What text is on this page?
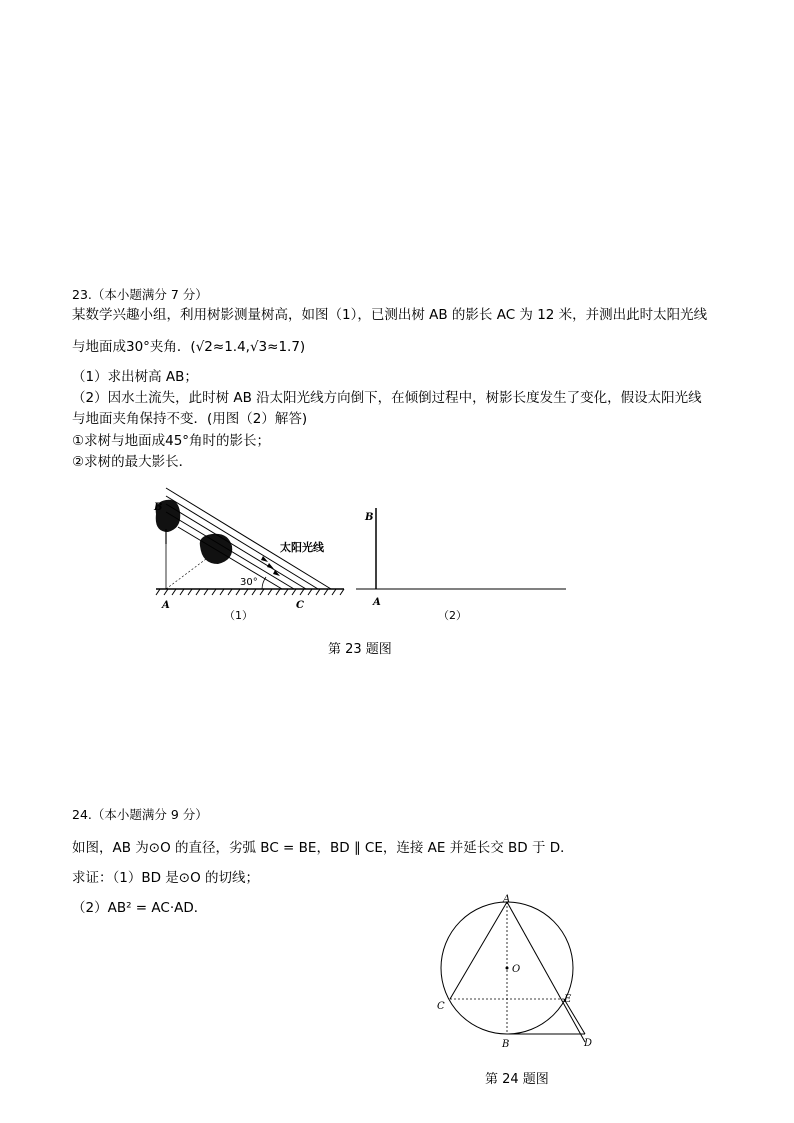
23.（本小题满分 7 分）
某数学兴趣小组，利用树影测量树高，如图（1），已测出树 AB 的影长 AC 为 12 米，并测出此时太阳光线
与地面成30°夹角．(√2≈1.4,√3≈1.7)
（1）求出树高 AB；
（2）因水土流失，此时树 AB 沿太阳光线方向倒下，在倾倒过程中，树影长度发生了变化，假设太阳光线
与地面夹角保持不变．(用图（2）解答)
①求树与地面成45°角时的影长；
②求树的最大影长．
B
A	C
太阳光线
30°
（1）
B
A
（2）
第 23 题图
24.（本小题满分 9 分）
如图，AB 为⊙O 的直径，劣弧 BC = BE，BD ∥ CE，连接 AE 并延长交 BD 于 D．
求证：（1）BD 是⊙O 的切线；
（2）AB² = AC·AD．
A
O
C
E
B	D
第 24 题图
